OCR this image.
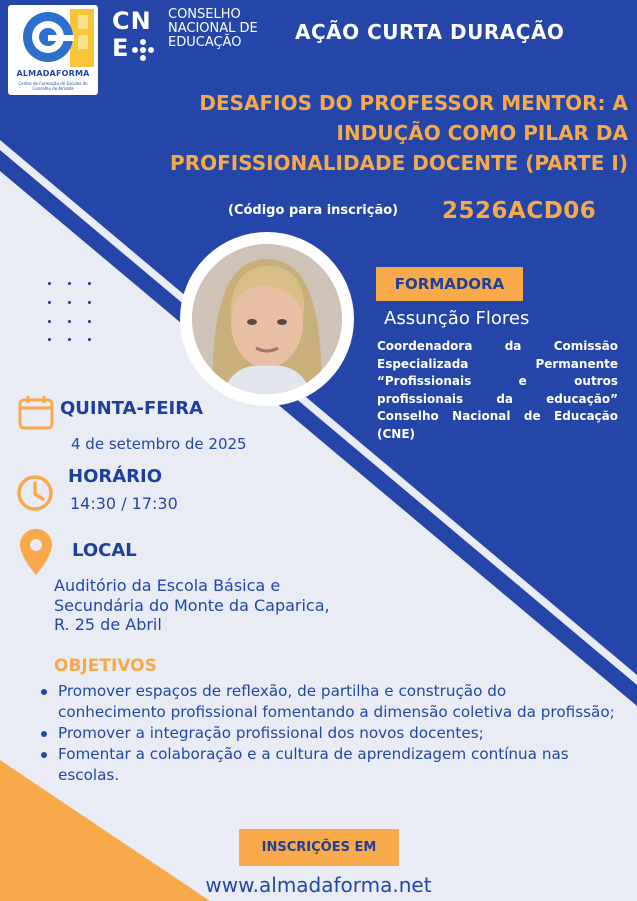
ALMADAFORMA
Centro de Formação de Escolas do Concelho de Almada
CN
E
CONSELHO
NACIONAL DE
EDUCAÇÃO	AÇÃO CURTA DURAÇÃO
DESAFIOS DO PROFESSOR MENTOR: A
INDUÇÃO COMO PILAR DA
PROFISSIONALIDADE DOCENTE (PARTE I)
(Código para inscrição) 2526ACD06
FORMADORA
Assunção Flores
Coordenadora da Comissão Especializada Permanente “Profissionais e outros profissionais da educação” Conselho Nacional de Educação (CNE)
QUINTA-FEIRA
4 de setembro de 2025
HORÁRIO
14:30 / 17:30
LOCAL
Auditório da Escola Básica e
Secundária do Monte da Caparica,
R. 25 de Abril
OBJETIVOS
Promover espaços de reflexão, de partilha e construção do conhecimento profissional fomentando a dimensão coletiva da profissão;
Promover a integração profissional dos novos docentes;
Fomentar a colaboração e a cultura de aprendizagem contínua nas escolas.
INSCRIÇÕES EM
www.almadaforma.net
